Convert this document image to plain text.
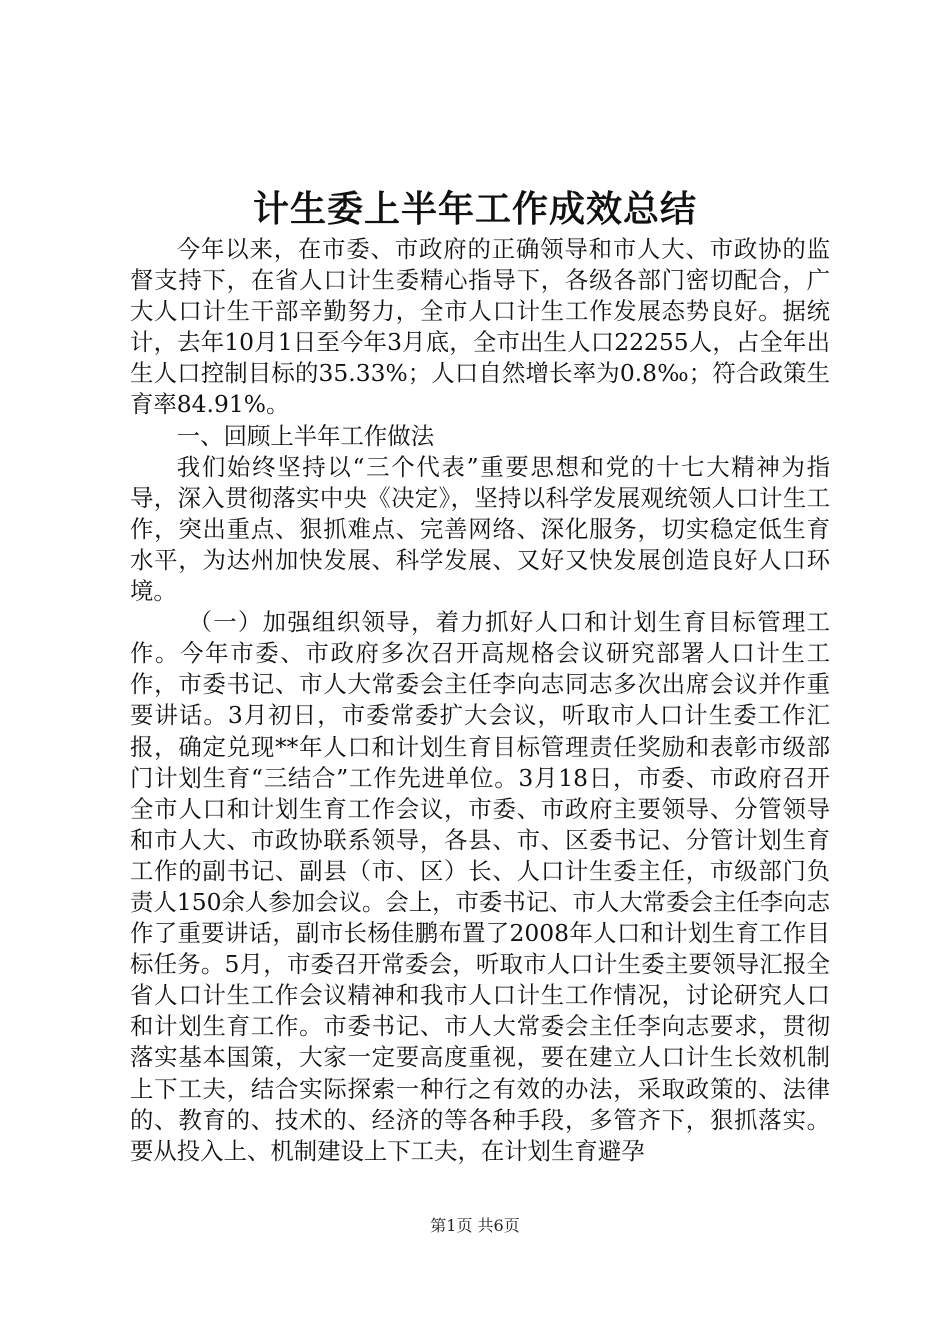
计生委上半年工作成效总结

今年以来，在市委、市政府的正确领导和市人大、市政协的监督支持下，在省人口计生委精心指导下，各级各部门密切配合，广大人口计生干部辛勤努力，全市人口计生工作发展态势良好。据统计，去年10月1日至今年3月底，全市出生人口22255人，占全年出生人口控制目标的35.33%；人口自然增长率为0.8‰；符合政策生育率84.91%。

一、回顾上半年工作做法

我们始终坚持以“三个代表”重要思想和党的十七大精神为指导，深入贯彻落实中央《决定》，坚持以科学发展观统领人口计生工作，突出重点、狠抓难点、完善网络、深化服务，切实稳定低生育水平，为达州加快发展、科学发展、又好又快发展创造良好人口环境。

（一）加强组织领导，着力抓好人口和计划生育目标管理工作。今年市委、市政府多次召开高规格会议研究部署人口计生工作，市委书记、市人大常委会主任李向志同志多次出席会议并作重要讲话。3月初日，市委常委扩大会议，听取市人口计生委工作汇报，确定兑现**年人口和计划生育目标管理责任奖励和表彰市级部门计划生育“三结合”工作先进单位。3月18日，市委、市政府召开全市人口和计划生育工作会议，市委、市政府主要领导、分管领导和市人大、市政协联系领导，各县、市、区委书记、分管计划生育工作的副书记、副县（市、区）长、人口计生委主任，市级部门负责人150余人参加会议。会上，市委书记、市人大常委会主任李向志作了重要讲话，副市长杨佳鹏布置了2008年人口和计划生育工作目标任务。5月，市委召开常委会，听取市人口计生委主要领导汇报全省人口计生工作会议精神和我市人口计生工作情况，讨论研究人口和计划生育工作。市委书记、市人大常委会主任李向志要求，贯彻落实基本国策，大家一定要高度重视，要在建立人口计生长效机制上下工夫，结合实际探索一种行之有效的办法，采取政策的、法律的、教育的、技术的、经济的等各种手段，多管齐下，狠抓落实。要从投入上、机制建设上下工夫，在计划生育避孕

第1页 共6页
